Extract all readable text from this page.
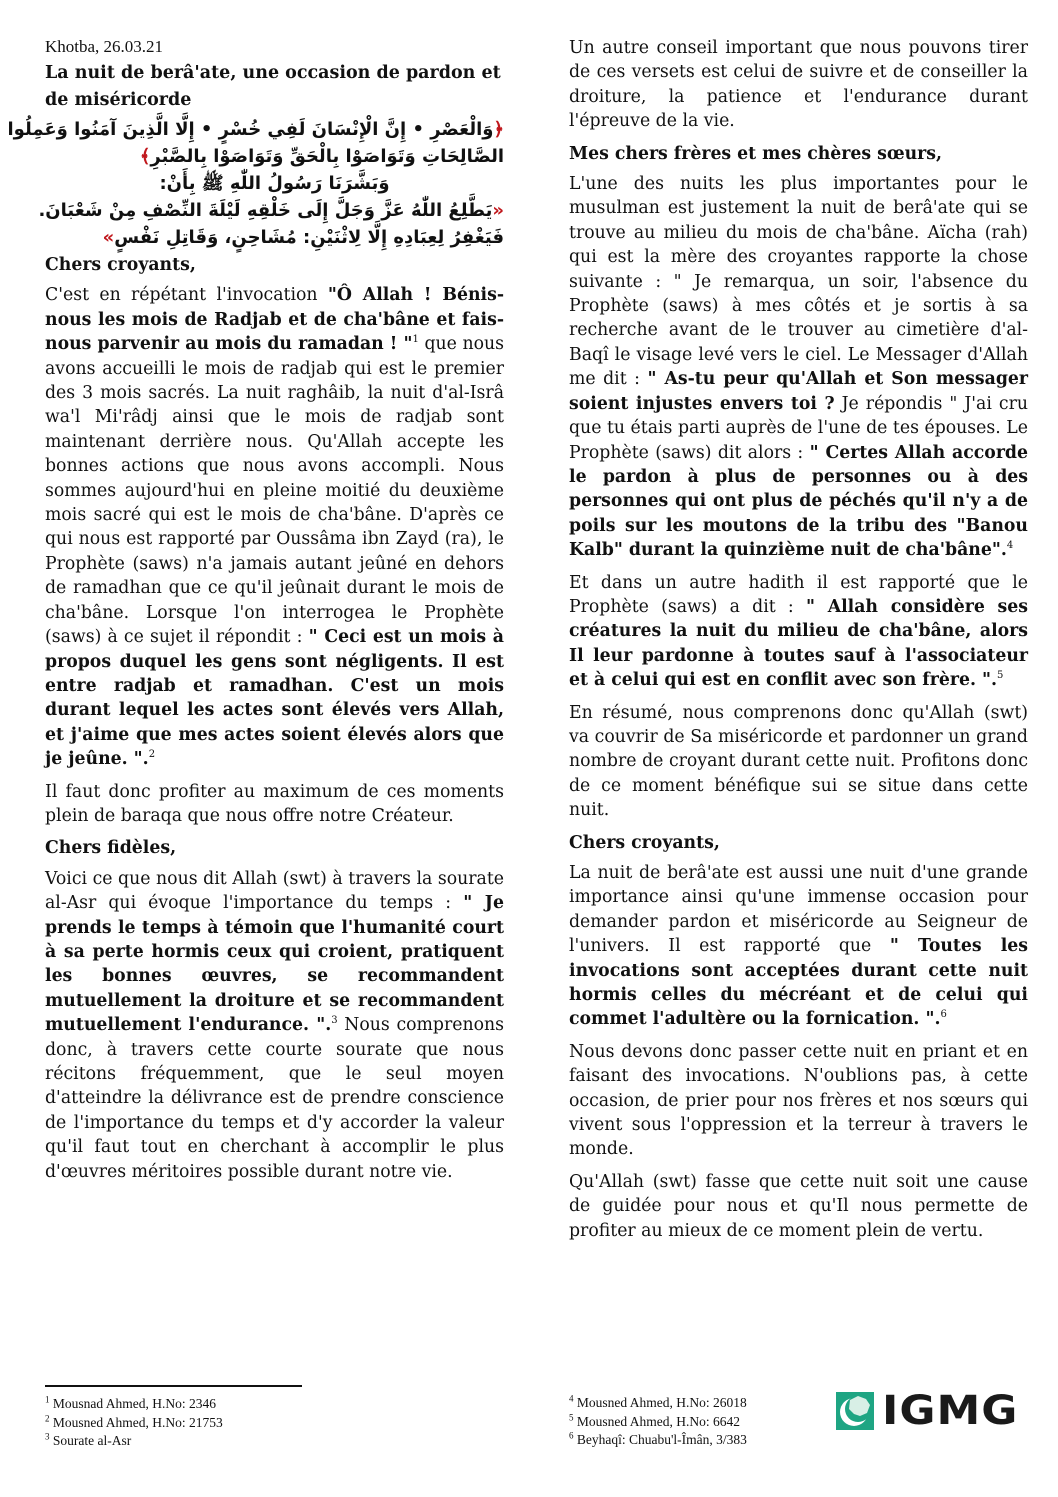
Khotba, 26.03.21
La nuit de berâ'ate, une occasion de pardon et de miséricorde
﴿وَالْعَصْرِ • إِنَّ الْإِنْسَانَ لَفِي خُسْرٍ • إِلَّا الَّذِينَ آمَنُوا وَعَمِلُوا
الصَّالِحَاتِ وَتَوَاصَوْا بِالْحَقِّ وَتَوَاصَوْا بِالصَّبْرِ﴾
وَبَشَّرَنَا رَسُولُ اللّٰهِ ﷺ بِأَنْ:
«يَطَّلِعُ اللّٰهُ عَزَّ وَجَلَّ إِلَى خَلْقِهِ لَيْلَةَ النِّصْفِ مِنْ شَعْبَانَ.
فَيَغْفِرُ لِعِبَادِهِ إِلَّا لِاثْنَيْنِ: مُشَاحِنٍ، وَقَاتِلِ نَفْسٍ»

Chers croyants,

C'est en répétant l'invocation "Ô Allah ! Bénis-nous les mois de Radjab et de cha'bâne et fais-nous parvenir au mois du ramadan ! "$^1$ que nous avons accueilli le mois de radjab qui est le premier des 3 mois sacrés. La nuit raghâib, la nuit d'al-Isrâ wa'l Mi'râdj ainsi que le mois de radjab sont maintenant derrière nous. Qu'Allah accepte les bonnes actions que nous avons accompli. Nous sommes aujourd'hui en pleine moitié du deuxième mois sacré qui est le mois de cha'bâne. D'après ce qui nous est rapporté par Oussâma ibn Zayd (ra), le Prophète (saws) n'a jamais autant jeûné en dehors de ramadhan que ce qu'il jeûnait durant le mois de cha'bâne. Lorsque l'on interrogea le Prophète (saws) à ce sujet il répondit : " Ceci est un mois à propos duquel les gens sont négligents. Il est entre radjab et ramadhan. C'est un mois durant lequel les actes sont élevés vers Allah, et j'aime que mes actes soient élevés alors que je jeûne. ".$^2$

Il faut donc profiter au maximum de ces moments plein de baraqa que nous offre notre Créateur.

Chers fidèles,

Voici ce que nous dit Allah (swt) à travers la sourate al-Asr qui évoque l'importance du temps : " Je prends le temps à témoin que l'humanité court à sa perte hormis ceux qui croient, pratiquent les bonnes œuvres, se recommandent mutuellement la droiture et se recommandent mutuellement l'endurance. ".$^3$ Nous comprenons donc, à travers cette courte sourate que nous récitons fréquemment, que le seul moyen d'atteindre la délivrance est de prendre conscience de l'importance du temps et d'y accorder la valeur qu'il faut tout en cherchant à accomplir le plus d'œuvres méritoires possible durant notre vie.

Un autre conseil important que nous pouvons tirer de ces versets est celui de suivre et de conseiller la droiture, la patience et l'endurance durant l'épreuve de la vie.

Mes chers frères et mes chères sœurs,

L'une des nuits les plus importantes pour le musulman est justement la nuit de berâ'ate qui se trouve au milieu du mois de cha'bâne. Aïcha (rah) qui est la mère des croyantes rapporte la chose suivante : " Je remarqua, un soir, l'absence du Prophète (saws) à mes côtés et je sortis à sa recherche avant de le trouver au cimetière d'al-Baqî le visage levé vers le ciel. Le Messager d'Allah me dit : " As-tu peur qu'Allah et Son messager soient injustes envers toi ? Je répondis " J'ai cru que tu étais parti auprès de l'une de tes épouses. Le Prophète (saws) dit alors : " Certes Allah accorde le pardon à plus de personnes ou à des personnes qui ont plus de péchés qu'il n'y a de poils sur les moutons de la tribu des "Banou Kalb" durant la quinzième nuit de cha'bâne".$^4$

Et dans un autre hadith il est rapporté que le Prophète (saws) a dit : " Allah considère ses créatures la nuit du milieu de cha'bâne, alors Il leur pardonne à toutes sauf à l'associateur et à celui qui est en conflit avec son frère. ".$^5$

En résumé, nous comprenons donc qu'Allah (swt) va couvrir de Sa miséricorde et pardonner un grand nombre de croyant durant cette nuit. Profitons donc de ce moment bénéfique sui se situe dans cette nuit.

Chers croyants,

La nuit de berâ'ate est aussi une nuit d'une grande importance ainsi qu'une immense occasion pour demander pardon et miséricorde au Seigneur de l'univers. Il est rapporté que " Toutes les invocations sont acceptées durant cette nuit hormis celles du mécréant et de celui qui commet l'adultère ou la fornication. ".$^6$

Nous devons donc passer cette nuit en priant et en faisant des invocations. N'oublions pas, à cette occasion, de prier pour nos frères et nos sœurs qui vivent sous l'oppression et la terreur à travers le monde.

Qu'Allah (swt) fasse que cette nuit soit une cause de guidée pour nous et qu'Il nous permette de profiter au mieux de ce moment plein de vertu.

$^1$ Mousnad Ahmed, H.No: 2346
$^2$ Mousned Ahmed, H.No: 21753
$^3$ Sourate al-Asr
$^4$ Mousned Ahmed, H.No: 26018
$^5$ Mousned Ahmed, H.No: 6642
$^6$ Beyhaqî: Chuabu'l-Îmân, 3/383
IGMG
